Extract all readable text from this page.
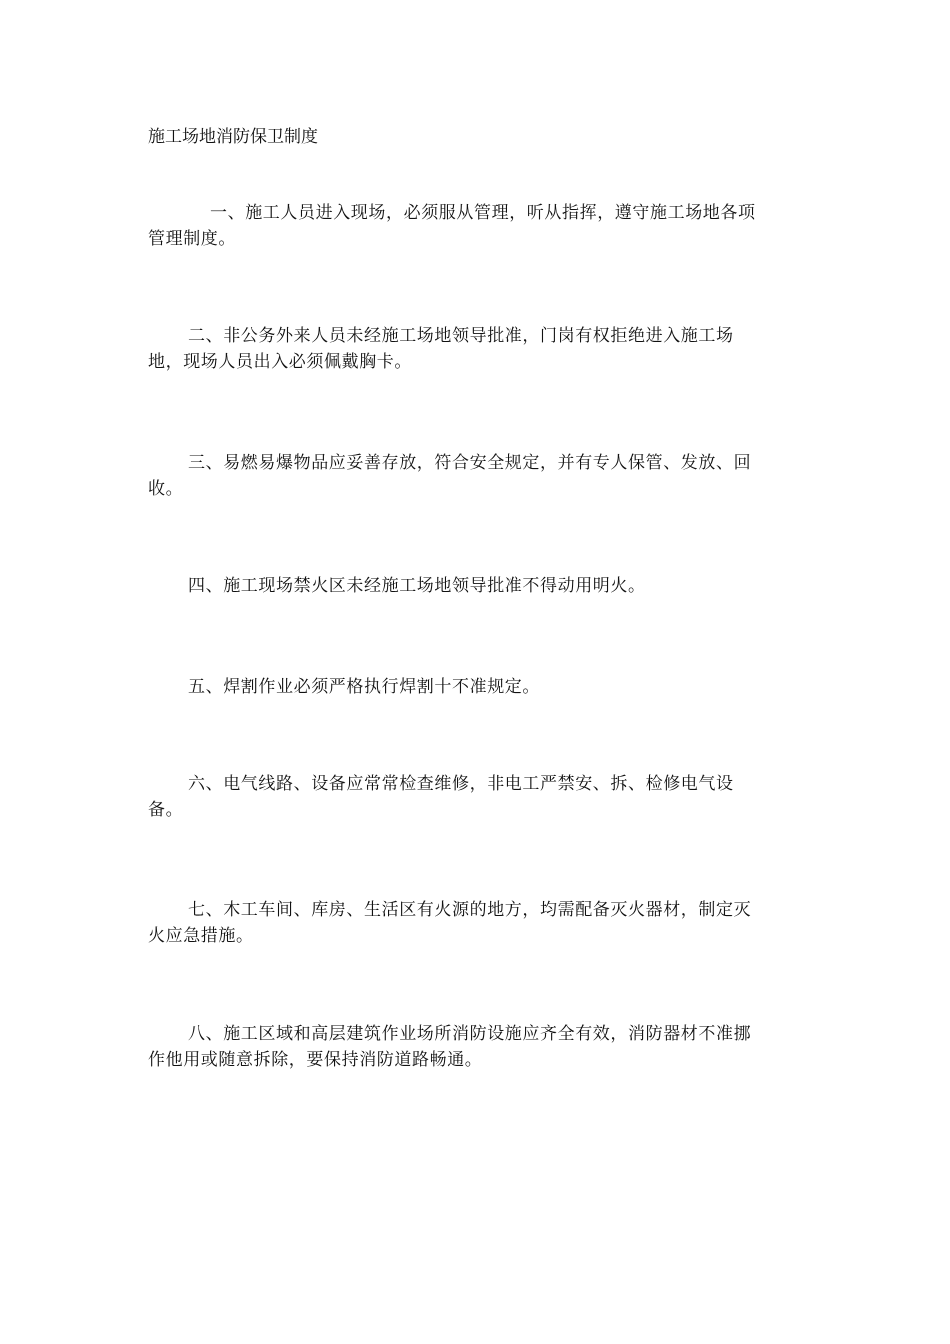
施工场地消防保卫制度
一、施工人员进入现场，必须服从管理，听从指挥，遵守施工场地各项
管理制度。
二、非公务外来人员未经施工场地领导批准，门岗有权拒绝进入施工场
地，现场人员出入必须佩戴胸卡。
三、易燃易爆物品应妥善存放，符合安全规定，并有专人保管、发放、回
收。
四、施工现场禁火区未经施工场地领导批准不得动用明火。
五、焊割作业必须严格执行焊割十不准规定。
六、电气线路、设备应常常检查维修，非电工严禁安、拆、检修电气设
备。
七、木工车间、库房、生活区有火源的地方，均需配备灭火器材，制定灭
火应急措施。
八、施工区域和高层建筑作业场所消防设施应齐全有效，消防器材不准挪
作他用或随意拆除，要保持消防道路畅通。
